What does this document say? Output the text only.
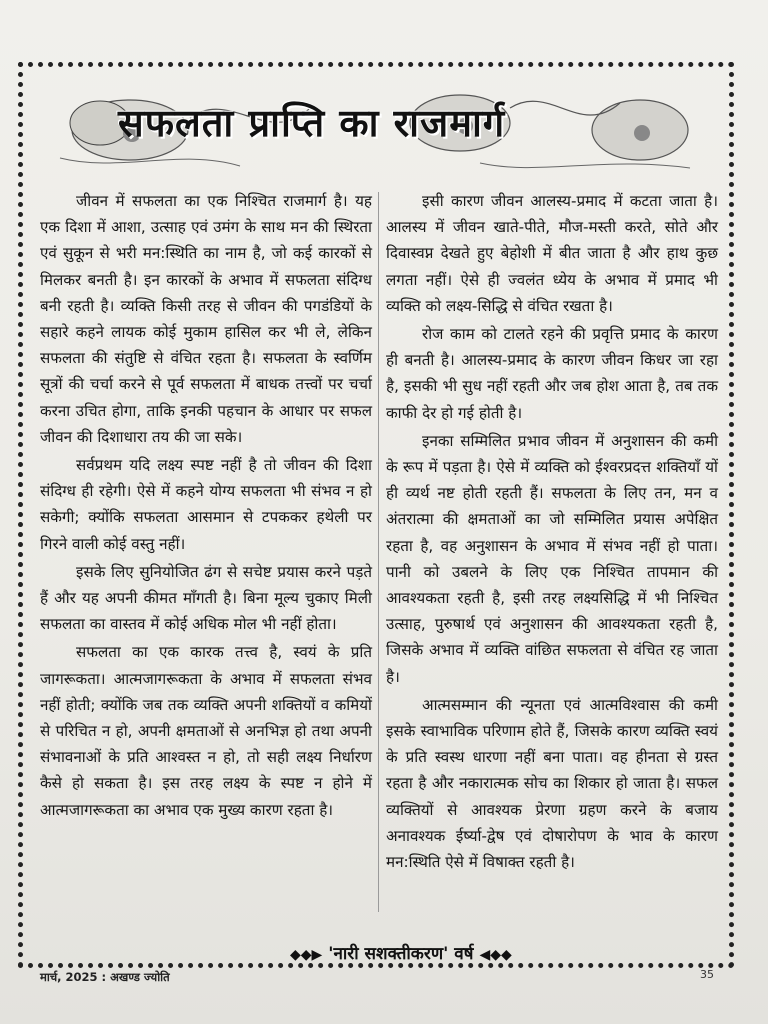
सफलता प्राप्ति का राजमार्ग

जीवन में सफलता का एक निश्चित राजमार्ग है। यह एक दिशा में आशा, उत्साह एवं उमंग के साथ मन की स्थिरता एवं सुकून से भरी मन:स्थिति का नाम है, जो कई कारकों से मिलकर बनती है। इन कारकों के अभाव में सफलता संदिग्ध बनी रहती है। व्यक्ति किसी तरह से जीवन की पगडंडियों के सहारे कहने लायक कोई मुकाम हासिल कर भी ले, लेकिन सफलता की संतुष्टि से वंचित रहता है। सफलता के स्वर्णिम सूत्रों की चर्चा करने से पूर्व सफलता में बाधक तत्त्वों पर चर्चा करना उचित होगा, ताकि इनकी पहचान के आधार पर सफल जीवन की दिशाधारा तय की जा सके।

सर्वप्रथम यदि लक्ष्य स्पष्ट नहीं है तो जीवन की दिशा संदिग्ध ही रहेगी। ऐसे में कहने योग्य सफलता भी संभव न हो सकेगी; क्योंकि सफलता आसमान से टपककर हथेली पर गिरने वाली कोई वस्तु नहीं।

इसके लिए सुनियोजित ढंग से सचेष्ट प्रयास करने पड़ते हैं और यह अपनी कीमत माँगती है। बिना मूल्य चुकाए मिली सफलता का वास्तव में कोई अधिक मोल भी नहीं होता।

सफलता का एक कारक तत्त्व है, स्वयं के प्रति जागरूकता। आत्मजागरूकता के अभाव में सफलता संभव नहीं होती; क्योंकि जब तक व्यक्ति अपनी शक्तियों व कमियों से परिचित न हो, अपनी क्षमताओं से अनभिज्ञ हो तथा अपनी संभावनाओं के प्रति आश्वस्त न हो, तो सही लक्ष्य निर्धारण कैसे हो सकता है। इस तरह लक्ष्य के स्पष्ट न होने में आत्मजागरूकता का अभाव एक मुख्य कारण रहता है।

इसी कारण जीवन आलस्य-प्रमाद में कटता जाता है। आलस्य में जीवन खाते-पीते, मौज-मस्ती करते, सोते और दिवास्वप्न देखते हुए बेहोशी में बीत जाता है और हाथ कुछ लगता नहीं। ऐसे ही ज्वलंत ध्येय के अभाव में प्रमाद भी व्यक्ति को लक्ष्य-सिद्धि से वंचित रखता है।

रोज काम को टालते रहने की प्रवृत्ति प्रमाद के कारण ही बनती है। आलस्य-प्रमाद के कारण जीवन किधर जा रहा है, इसकी भी सुध नहीं रहती और जब होश आता है, तब तक काफी देर हो गई होती है।

इनका सम्मिलित प्रभाव जीवन में अनुशासन की कमी के रूप में पड़ता है। ऐसे में व्यक्ति को ईश्वरप्रदत्त शक्तियाँ यों ही व्यर्थ नष्ट होती रहती हैं। सफलता के लिए तन, मन व अंतरात्मा की क्षमताओं का जो सम्मिलित प्रयास अपेक्षित रहता है, वह अनुशासन के अभाव में संभव नहीं हो पाता। पानी को उबलने के लिए एक निश्चित तापमान की आवश्यकता रहती है, इसी तरह लक्ष्यसिद्धि में भी निश्चित उत्साह, पुरुषार्थ एवं अनुशासन की आवश्यकता रहती है, जिसके अभाव में व्यक्ति वांछित सफलता से वंचित रह जाता है।

आत्मसम्मान की न्यूनता एवं आत्मविश्वास की कमी इसके स्वाभाविक परिणाम होते हैं, जिसके कारण व्यक्ति स्वयं के प्रति स्वस्थ धारणा नहीं बना पाता। वह हीनता से ग्रस्त रहता है और नकारात्मक सोच का शिकार हो जाता है। सफल व्यक्तियों से आवश्यक प्रेरणा ग्रहण करने के बजाय अनावश्यक ईर्ष्या-द्वेष एवं दोषारोपण के भाव के कारण मन:स्थिति ऐसे में विषाक्त रहती है।

◆◆▶ 'नारी सशक्तीकरण' वर्ष ◀◆◆
मार्च, 2025 : अखण्ड ज्योति	35
